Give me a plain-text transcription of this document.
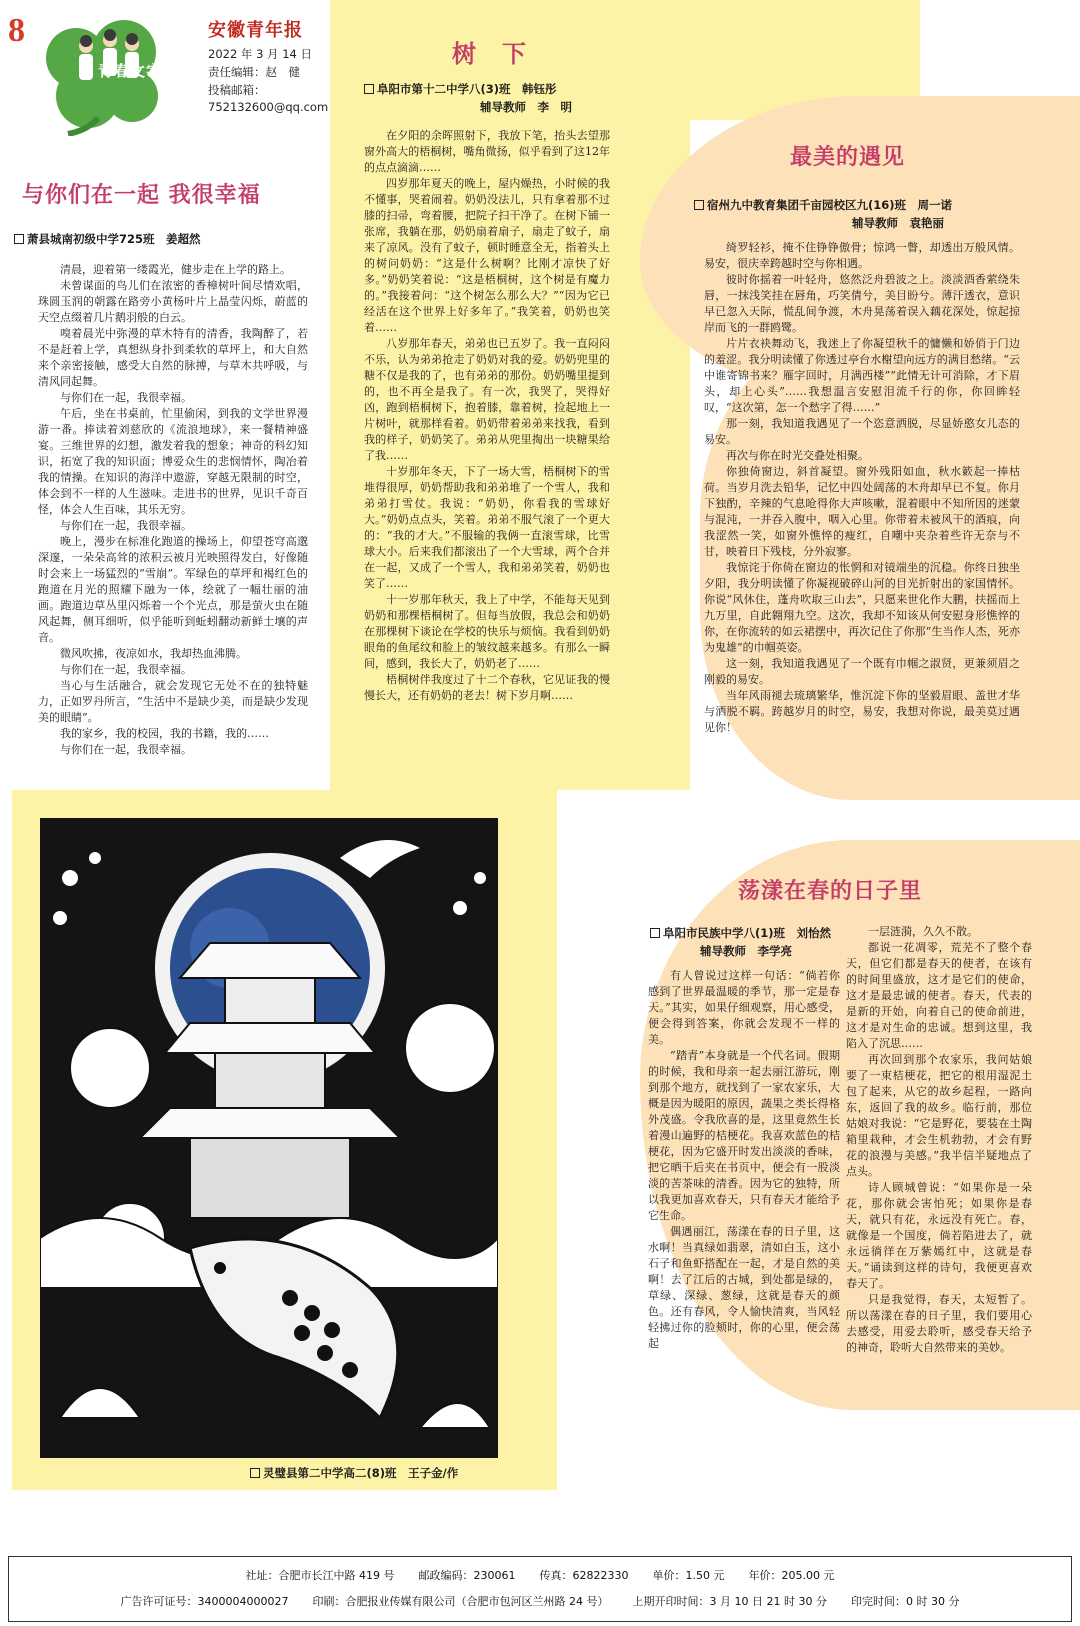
8
青春文字
安徽青年报
2022 年 3 月 14 日
责任编辑：赵　健
投稿邮箱：
752132600@qq.com
与你们在一起 我很幸福
萧县城南初级中学725班　姜超然

清晨，迎着第一缕霞光，健步走在上学的路上。

未曾谋面的鸟儿们在浓密的香樟树叶间尽情欢唱，珠圆玉润的朝露在路旁小黄杨叶片上晶莹闪烁，蔚蓝的天空点缀着几片鹅羽般的白云。

嗅着晨光中弥漫的草木特有的清香，我陶醉了，若不是赶着上学，真想纵身扑到柔软的草坪上，和大自然来个亲密接触，感受大自然的脉搏，与草木共呼吸，与清风同起舞。

与你们在一起，我很幸福。

午后，坐在书桌前，忙里偷闲，到我的文学世界漫游一番。捧读着刘慈欣的《流浪地球》，来一餐精神盛宴。三维世界的幻想，激发着我的想象；神奇的科幻知识，拓宽了我的知识面；博爱众生的悲悯情怀，陶冶着我的情操。在知识的海洋中遨游，穿越无限制的时空，体会到不一样的人生滋味。走进书的世界，见识千奇百怪，体会人生百味，其乐无穷。

与你们在一起，我很幸福。

晚上，漫步在标准化跑道的操场上，仰望苍穹高邈深邃，一朵朵高耸的浓积云被月光映照得发白，好像随时会来上一场猛烈的“雪崩”。军绿色的草坪和褐红色的跑道在月光的照耀下融为一体，绘就了一幅壮丽的油画。跑道边草丛里闪烁着一个个光点，那是萤火虫在随风起舞，侧耳细听，似乎能听到蚯蚓翻动新鲜土壤的声音。

微风吹拂，夜凉如水，我却热血沸腾。

与你们在一起，我很幸福。

当心与生活融合，就会发现它无处不在的独特魅力，正如罗丹所言，“生活中不是缺少美，而是缺少发现美的眼睛”。

我的家乡，我的校园，我的书籍，我的……

与你们在一起，我很幸福。

树　下
阜阳市第十二中学八(3)班　韩钰彤
辅导教师　李　明

在夕阳的余晖照射下，我放下笔，抬头去望那窗外高大的梧桐树，嘴角微扬，似乎看到了这12年的点点滴滴……

四岁那年夏天的晚上，屋内燥热，小时候的我不懂事，哭着闹着。奶奶没法儿，只有拿着那不过膝的扫帚，弯着腰，把院子扫干净了。在树下铺一张席，我躺在那，奶奶扇着扇子，扇走了蚊子，扇来了凉风。没有了蚊子，顿时睡意全无，指着头上的树问奶奶：“这是什么树啊？比刚才凉快了好多。”奶奶笑着说：“这是梧桐树，这个树是有魔力的。”我接着问：“这个树怎么那么大？”“因为它已经活在这个世界上好多年了。”我笑着，奶奶也笑着……

八岁那年春天，弟弟也已五岁了。我一直闷闷不乐，认为弟弟抢走了奶奶对我的爱。奶奶兜里的糖不仅是我的了，也有弟弟的那份。奶奶嘴里提到的，也不再全是我了。有一次，我哭了，哭得好凶，跑到梧桐树下，抱着膝，靠着树，捡起地上一片树叶，就那样看着。奶奶带着弟弟来找我，看到我的样子，奶奶笑了。弟弟从兜里掏出一块糖果给了我……

十岁那年冬天，下了一场大雪，梧桐树下的雪堆得很厚，奶奶帮助我和弟弟堆了一个雪人，我和弟弟打雪仗。我说：“奶奶，你看我的雪球好大。”奶奶点点头，笑着。弟弟不服气滚了一个更大的：“我的才大。”不服输的我俩一直滚雪球，比雪球大小。后来我们都滚出了一个大雪球，两个合并在一起，又成了一个雪人，我和弟弟笑着，奶奶也笑了……

十一岁那年秋天，我上了中学，不能每天见到奶奶和那棵梧桐树了。但每当放假，我总会和奶奶在那棵树下谈论在学校的快乐与烦恼。我看到奶奶眼角的鱼尾纹和脸上的皱纹越来越多。有那么一瞬间，感到，我长大了，奶奶老了……

梧桐树伴我度过了十二个春秋，它见证我的慢慢长大，还有奶奶的老去！树下岁月啊……

最美的遇见
宿州九中教育集团千亩园校区九(16)班　周一诺
辅导教师　袁艳丽

绮罗轻衫，掩不住铮铮傲骨；惊鸿一瞥，却透出万般风情。易安，很庆幸跨越时空与你相遇。

彼时你摇着一叶轻舟，悠然泛舟碧波之上。淡淡酒香萦绕朱唇，一抹浅笑挂在唇角，巧笑倩兮，美目盼兮。薄汗透衣，意识早已忽入天际，慌乱间争渡，木舟晃荡着误入藕花深处，惊起掠岸而飞的一群鸥鹭。

片片衣袂舞动飞，我迷上了你凝望秋千的慵懒和娇俏于门边的羞涩。我分明读懂了你透过亭台水榭望向远方的满目愁绪。“云中谁寄锦书来？雁字回时，月满西楼”“此情无计可消除，才下眉头，却上心头”……我想温言安慰泪流千行的你，你回眸轻叹，“这次第，怎一个愁字了得……”

那一刻，我知道我遇见了一个恣意洒脱，尽显娇憨女儿态的易安。

再次与你在时光交叠处相聚。

你独倚窗边，斜首凝望。窗外残阳如血，秋水簌起一捧枯荷。当岁月洗去铅华，记忆中四处阔荡的木舟却早已不复。你月下独酌，辛辣的气息呛得你大声咳嗽，混着眼中不知所因的迷蒙与混沌，一并吞入腹中，咽入心里。你带着未被风干的酒痕，向我涩然一笑，如窗外憔悴的瘦红，自嘲中夹杂着些许无奈与不甘，映着日下残枝，分外寂寥。

我惊诧于你倚在窗边的怅惘和对镜端坐的沉稳。你终日独坐夕阳，我分明读懂了你凝视破碎山河的目光折射出的家国情怀。你说“风休住，蓬舟吹取三山去”，只愿来世化作大鹏，扶摇而上九万里，自此翱翔九空。这次，我却不知该从何安慰身形憔悴的你，在你流转的如云裙摆中，再次记住了你那“生当作人杰，死亦为鬼雄”的巾帼英姿。

这一刻，我知道我遇见了一个既有巾帼之淑贤，更兼须眉之刚毅的易安。

当年风雨褪去琉璃繁华，惟沉淀下你的坚毅眉眼、盖世才华与洒脱不羁。跨越岁月的时空，易安，我想对你说，最美莫过遇见你！

荡漾在春的日子里
阜阳市民族中学八(1)班　刘怡然
辅导教师　李学亮

有人曾说过这样一句话：“倘若你感到了世界最温暖的季节，那一定是春天。”其实，如果仔细观察，用心感受，便会得到答案，你就会发现不一样的美。

“踏青”本身就是一个代名词。假期的时候，我和母亲一起去丽江游玩，刚到那个地方，就找到了一家农家乐，大概是因为暖阳的原因，蔬果之类长得格外茂盛。令我欣喜的是，这里竟然生长着漫山遍野的桔梗花。我喜欢蓝色的桔梗花，因为它盛开时发出淡淡的香味，把它晒干后夹在书页中，便会有一股淡淡的苦茶味的清香。因为它的独特，所以我更加喜欢春天，只有春天才能给予它生命。

偶遇丽江，荡漾在春的日子里，这水啊！当真绿如翡翠，清如白玉，这小石子和鱼虾搭配在一起，才是自然的美啊！去了江后的古城，到处都是绿的，草绿、深绿、葱绿，这就是春天的颜色。还有春风，令人愉快清爽，当风轻轻拂过你的脸颊时，你的心里，便会荡起

一层涟漪，久久不散。

都说一花凋零，荒芜不了整个春天，但它们都是春天的使者，在该有的时间里盛放，这才是它们的使命，这才是最忠诚的使者。春天，代表的是新的开始，向着自己的使命前进，这才是对生命的忠诚。想到这里，我陷入了沉思……

再次回到那个农家乐，我问姑娘要了一束桔梗花，把它的根用湿泥土包了起来，从它的故乡起程，一路向东，返回了我的故乡。临行前，那位姑娘对我说：“它是野花，要装在土陶箱里栽种，才会生机勃勃，才会有野花的浪漫与美感。”我半信半疑地点了点头。

诗人顾城曾说：“如果你是一朵花，那你就会害怕死；如果你是春天，就只有花，永远没有死亡。春，就像是一个国度，倘若陷进去了，就永远徜徉在万紫嫣红中，这就是春天。”诵读到这样的诗句，我便更喜欢春天了。

只是我觉得，春天，太短暂了。所以荡漾在春的日子里，我们要用心去感受，用爱去聆听，感受春天给予的神奇，聆听大自然带来的美妙。

灵璧县第二中学高二(8)班　王子金/作
社址：合肥市长江中路 419 号 邮政编码：230061 传真：62822330 单价：1.50 元 年价：205.00 元
广告许可证号：3400004000027 印刷：合肥报业传媒有限公司（合肥市包河区兰州路 24 号） 上期开印时间：3 月 10 日 21 时 30 分 印完时间：0 时 30 分
